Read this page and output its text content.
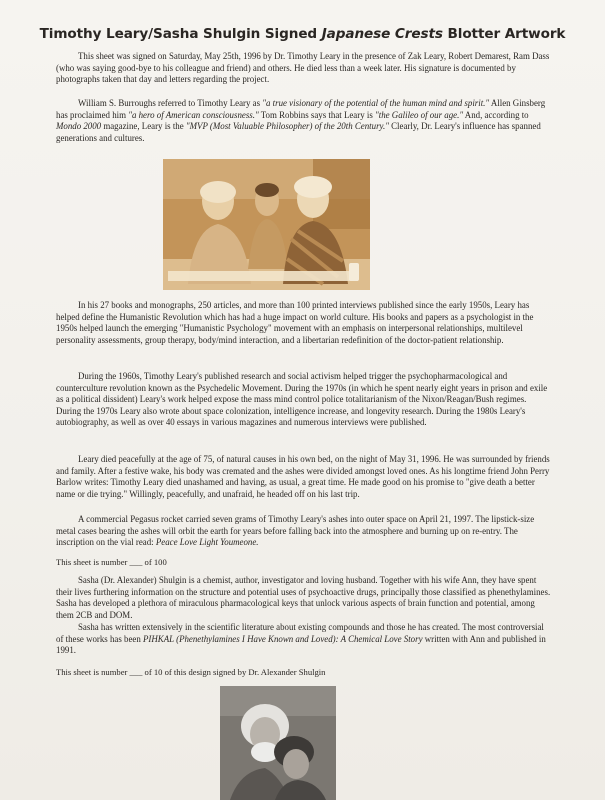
Timothy Leary/Sasha Shulgin Signed Japanese Crests Blotter Artwork

This sheet was signed on Saturday, May 25th, 1996 by Dr. Timothy Leary in the presence of Zak Leary, Robert Demarest, Ram Dass (who was saying good-bye to his colleague and friend) and others. He died less than a week later. His signature is documented by photographs taken that day and letters regarding the project.

William S. Burroughs referred to Timothy Leary as "a true visionary of the potential of the human mind and spirit." Allen Ginsberg has proclaimed him "a hero of American consciousness." Tom Robbins says that Leary is "the Galileo of our age." And, according to Mondo 2000 magazine, Leary is the "MVP (Most Valuable Philosopher) of the 20th Century." Clearly, Dr. Leary's influence has spanned generations and cultures.

In his 27 books and monographs, 250 articles, and more than 100 printed interviews published since the early 1950s, Leary has helped define the Humanistic Revolution which has had a huge impact on world culture. His books and papers as a psychologist in the 1950s helped launch the emerging "Humanistic Psychology" movement with an emphasis on interpersonal relationships, multilevel personality assessments, group therapy, body/mind interaction, and a libertarian redefinition of the doctor-patient relationship.

During the 1960s, Timothy Leary's published research and social activism helped trigger the psychopharmacological and counterculture revolution known as the Psychedelic Movement. During the 1970s (in which he spent nearly eight years in prison and exile as a political dissident) Leary's work helped expose the mass mind control police totalitarianism of the Nixon/Reagan/Bush regimes. During the 1970s Leary also wrote about space colonization, intelligence increase, and longevity research. During the 1980s Leary's autobiography, as well as over 40 essays in various magazines and numerous interviews were published.

Leary died peacefully at the age of 75, of natural causes in his own bed, on the night of May 31, 1996. He was surrounded by friends and family. After a festive wake, his body was cremated and the ashes were divided amongst loved ones. As his longtime friend John Perry Barlow writes: Timothy Leary died unashamed and having, as usual, a great time. He made good on his promise to "give death a better name or die trying." Willingly, peacefully, and unafraid, he headed off on his last trip.

A commercial Pegasus rocket carried seven grams of Timothy Leary's ashes into outer space on April 21, 1997. The lipstick-size metal cases bearing the ashes will orbit the earth for years before falling back into the atmosphere and burning up on re-entry. The inscription on the vial read: Peace Love Light Youmeone.

This sheet is number ___ of 100

Sasha (Dr. Alexander) Shulgin is a chemist, author, investigator and loving husband. Together with his wife Ann, they have spent their lives furthering information on the structure and potential uses of psychoactive drugs, principally those classified as phenethylamines. Sasha has developed a plethora of miraculous pharmacological keys that unlock various aspects of brain function and potential, among them 2CB and DOM.

Sasha has written extensively in the scientific literature about existing compounds and those he has created. The most controversial of these works has been PIHKAL (Phenethylamines I Have Known and Loved): A Chemical Love Story written with Ann and published in 1991.

This sheet is number ___ of 10 of this design signed by Dr. Alexander Shulgin
